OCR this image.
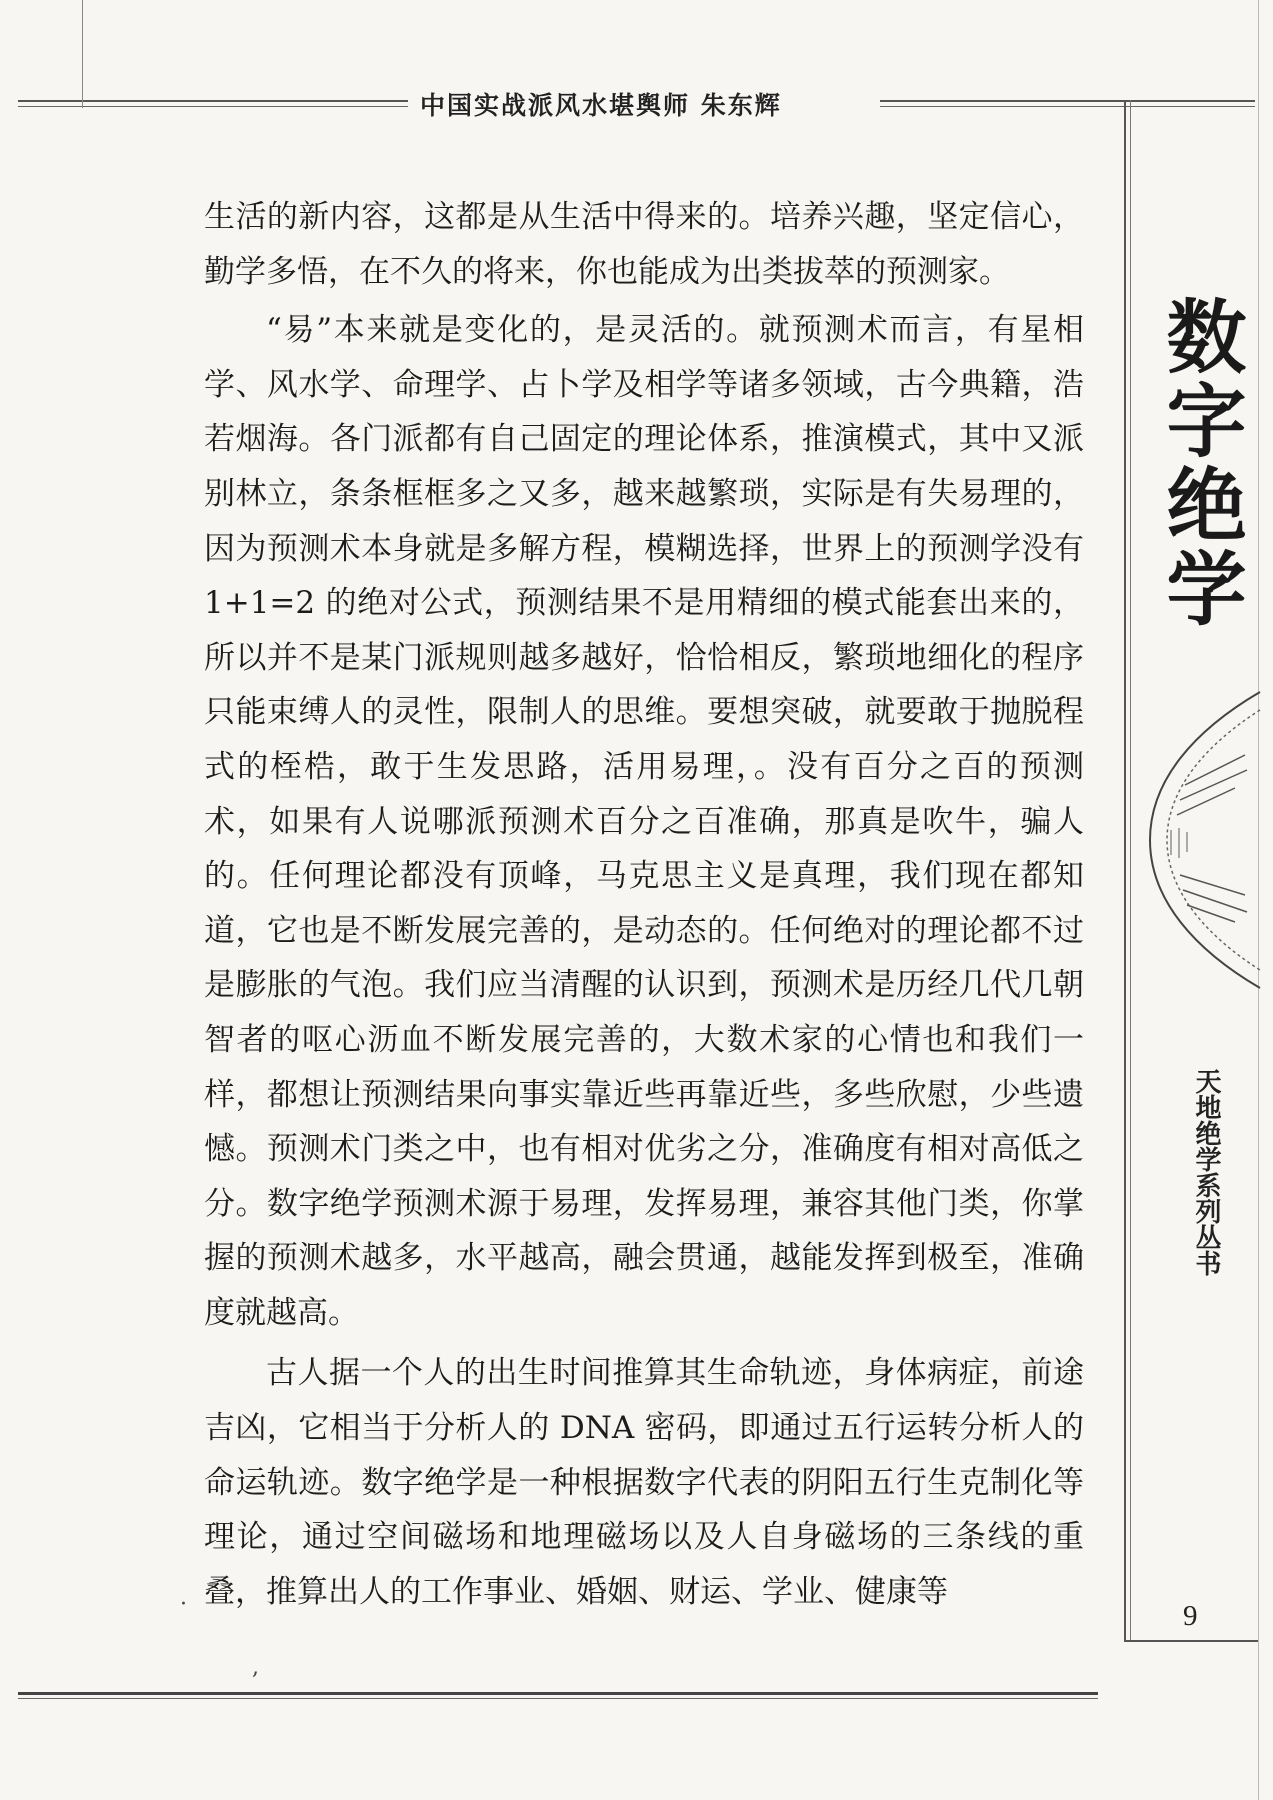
中国实战派风水堪舆师 朱东辉

生活的新内容，这都是从生活中得来的。培养兴趣，坚定信心，勤学多悟，在不久的将来，你也能成为出类拔萃的预测家。

“易”本来就是变化的，是灵活的。就预测术而言，有星相学、风水学、命理学、占卜学及相学等诸多领域，古今典籍，浩若烟海。各门派都有自己固定的理论体系，推演模式，其中又派别林立，条条框框多之又多，越来越繁琐，实际是有失易理的，因为预测术本身就是多解方程，模糊选择，世界上的预测学没有 1+1=2 的绝对公式，预测结果不是用精细的模式能套出来的，所以并不是某门派规则越多越好，恰恰相反，繁琐地细化的程序只能束缚人的灵性，限制人的思维。要想突破，就要敢于抛脱程式的桎梏，敢于生发思路，活用易理，。没有百分之百的预测术，如果有人说哪派预测术百分之百准确，那真是吹牛，骗人的。任何理论都没有顶峰，马克思主义是真理，我们现在都知道，它也是不断发展完善的，是动态的。任何绝对的理论都不过是膨胀的气泡。我们应当清醒的认识到，预测术是历经几代几朝智者的呕心沥血不断发展完善的，大数术家的心情也和我们一样，都想让预测结果向事实靠近些再靠近些，多些欣慰，少些遗憾。预测术门类之中，也有相对优劣之分，准确度有相对高低之分。数字绝学预测术源于易理，发挥易理，兼容其他门类，你掌握的预测术越多，水平越高，融会贯通，越能发挥到极至，准确度就越高。

古人据一个人的出生时间推算其生命轨迹，身体病症，前途吉凶，它相当于分析人的 DNA 密码，即通过五行运转分析人的命运轨迹。数字绝学是一种根据数字代表的阴阳五行生克制化等理论，通过空间磁场和地理磁场以及人自身磁场的三条线的重叠，推算出人的工作事业、婚姻、财运、学业、健康等

数字绝学
天地绝学系列丛书
9
·
,
